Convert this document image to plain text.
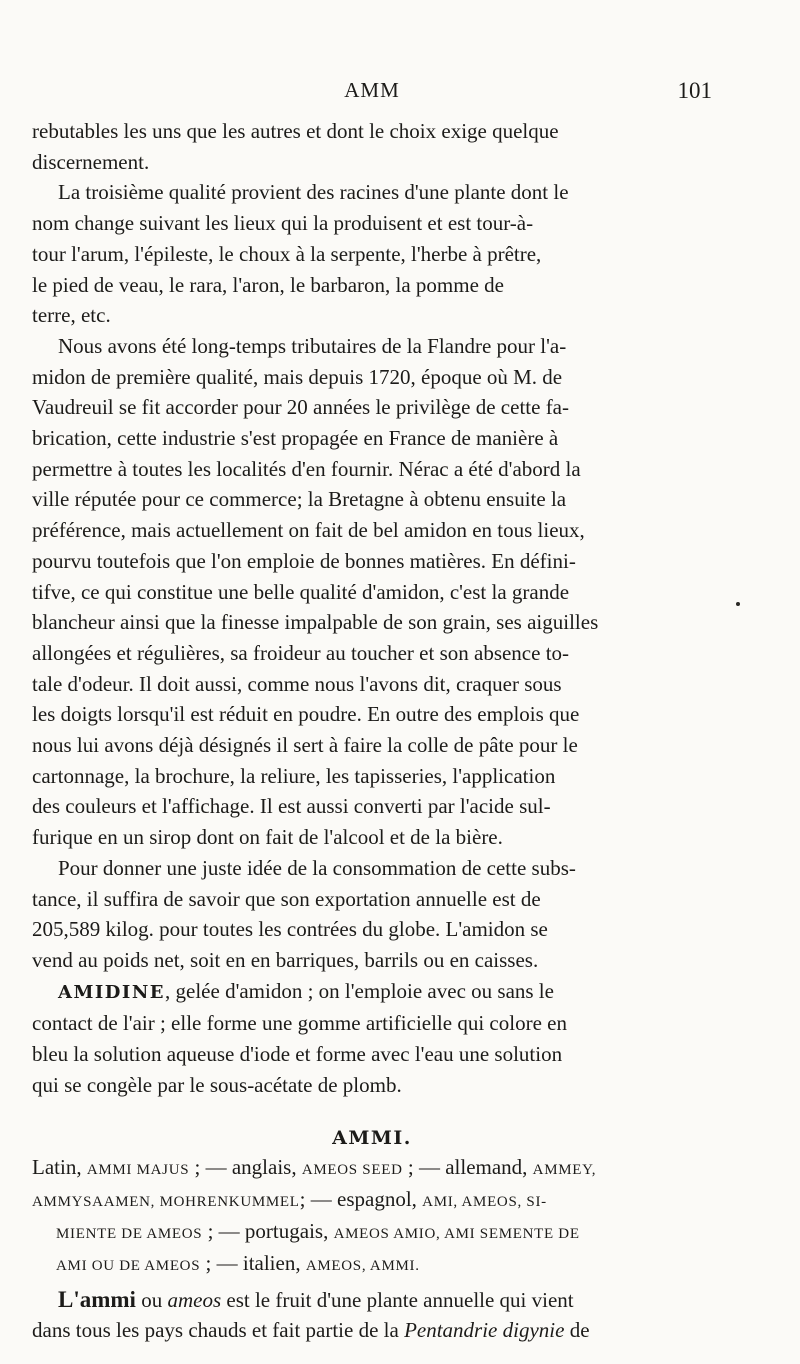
AMM	101

rebutables les uns que les autres et dont le choix exige quelque
discernement.

La troisième qualité provient des racines d'une plante dont le
nom change suivant les lieux qui la produisent et est tour-à-
tour l'arum, l'épileste, le choux à la serpente, l'herbe à prêtre,
le pied de veau, le rara, l'aron, le barbaron, la pomme de
terre, etc.

Nous avons été long-temps tributaires de la Flandre pour l'a-
midon de première qualité, mais depuis 1720, époque où M. de
Vaudreuil se fit accorder pour 20 années le privilège de cette fa-
brication, cette industrie s'est propagée en France de manière à
permettre à toutes les localités d'en fournir. Nérac a été d'abord la
ville réputée pour ce commerce; la Bretagne à obtenu ensuite la
préférence, mais actuellement on fait de bel amidon en tous lieux,
pourvu toutefois que l'on emploie de bonnes matières. En défini-
tifve, ce qui constitue une belle qualité d'amidon, c'est la grande
blancheur ainsi que la finesse impalpable de son grain, ses aiguilles
allongées et régulières, sa froideur au toucher et son absence to-
tale d'odeur. Il doit aussi, comme nous l'avons dit, craquer sous
les doigts lorsqu'il est réduit en poudre. En outre des emplois que
nous lui avons déjà désignés il sert à faire la colle de pâte pour le
cartonnage, la brochure, la reliure, les tapisseries, l'application
des couleurs et l'affichage. Il est aussi converti par l'acide sul-
furique en un sirop dont on fait de l'alcool et de la bière.

Pour donner une juste idée de la consommation de cette subs-
tance, il suffira de savoir que son exportation annuelle est de
205,589 kilog. pour toutes les contrées du globe. L'amidon se
vend au poids net, soit en en barriques, barrils ou en caisses.

AMIDINE, gelée d'amidon ; on l'emploie avec ou sans le
contact de l'air ; elle forme une gomme artificielle qui colore en
bleu la solution aqueuse d'iode et forme avec l'eau une solution
qui se congèle par le sous-acétate de plomb.

AMMI.

Latin, AMMI MAJUS ; — anglais, AMEOS SEED ; — allemand, AMMEY,

AMMYSAAMEN, MOHRENKUMMEL; — espagnol, AMI, AMEOS, SI-

MIENTE DE AMEOS ; — portugais, AMEOS AMIO, AMI SEMENTE DE

AMI OU DE AMEOS ; — italien, AMEOS, AMMI.

L'ammi ou ameos est le fruit d'une plante annuelle qui vient
dans tous les pays chauds et fait partie de la Pentandrie digynie de
